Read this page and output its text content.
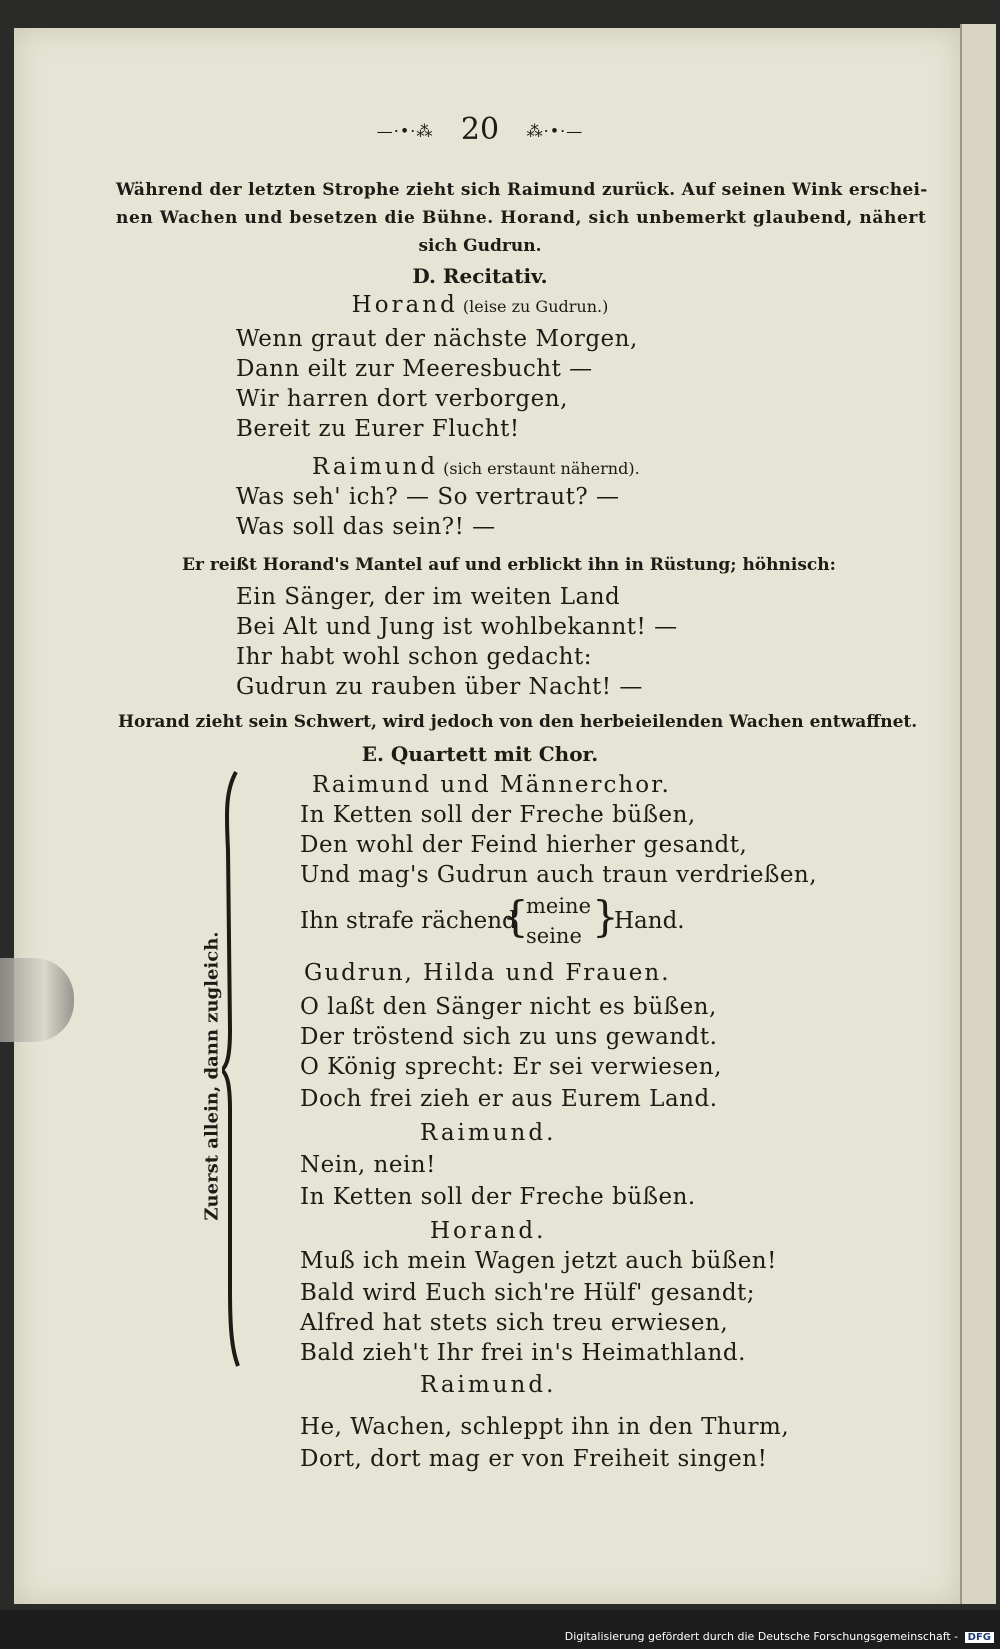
—·•·⁂ 20 ⁂·•·—
Während der letzten Strophe zieht sich Raimund zurück. Auf seinen Wink erschei-
nen Wachen und besetzen die Bühne. Horand, sich unbemerkt glaubend, nähert
sich Gudrun.
D. Recitativ.
Horand (leise zu Gudrun.)
Wenn graut der nächste Morgen,
Dann eilt zur Meeresbucht —
Wir harren dort verborgen,
Bereit zu Eurer Flucht!
Raimund (sich erstaunt nähernd).
Was seh' ich? — So vertraut? —
Was soll das sein?! —
Er reißt Horand's Mantel auf und erblickt ihn in Rüstung; höhnisch:
Ein Sänger, der im weiten Land
Bei Alt und Jung ist wohlbekannt! —
Ihr habt wohl schon gedacht:
Gudrun zu rauben über Nacht! —
Horand zieht sein Schwert, wird jedoch von den herbeieilenden Wachen entwaffnet.
E. Quartett mit Chor.
Zuerst allein, dann zugleich.
Raimund und Männerchor.
In Ketten soll der Freche büßen,
Den wohl der Feind hierher gesandt,
Und mag's Gudrun auch traun verdrießen,
Ihn strafe rächend
{
meine
seine }
Hand.
Gudrun, Hilda und Frauen.
O laßt den Sänger nicht es büßen,
Der tröstend sich zu uns gewandt.
O König sprecht: Er sei verwiesen,
Doch frei zieh er aus Eurem Land.
Raimund.
Nein, nein!
In Ketten soll der Freche büßen.
Horand.
Muß ich mein Wagen jetzt auch büßen!
Bald wird Euch sich're Hülf' gesandt;
Alfred hat stets sich treu erwiesen,
Bald zieh't Ihr frei in's Heimathland.
Raimund.
He, Wachen, schleppt ihn in den Thurm,
Dort, dort mag er von Freiheit singen!
Digitalisierung gefördert durch die Deutsche Forschungsgemeinschaft - DFG
